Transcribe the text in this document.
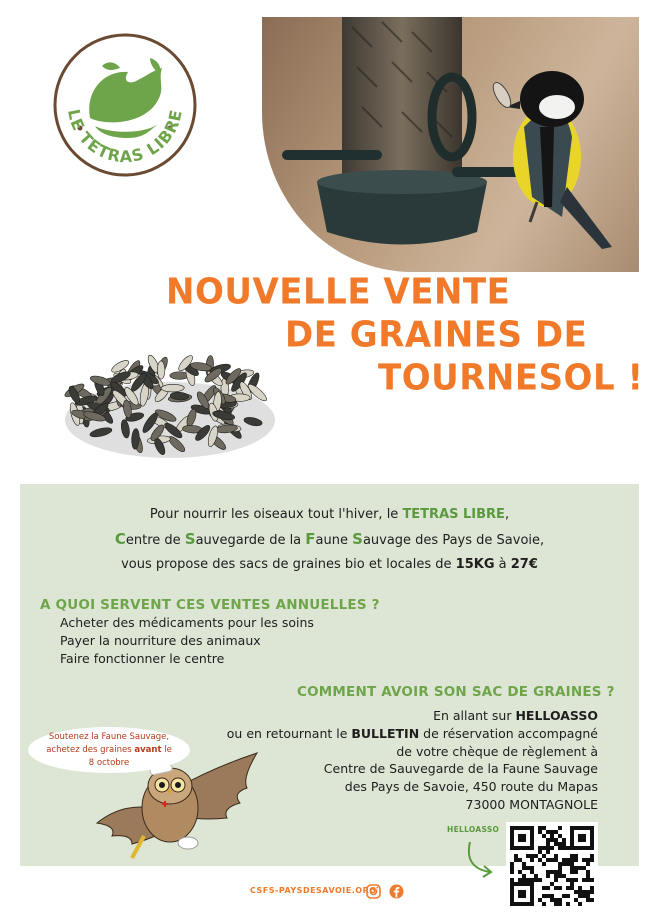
LE TETRAS LIBRE
NOUVELLE VENTE
DE GRAINES DE
TOURNESOL !
Pour nourrir les oiseaux tout l'hiver, le TETRAS LIBRE,
Centre de Sauvegarde de la Faune Sauvage des Pays de Savoie,
vous propose des sacs de graines bio et locales de 15KG à 27€
A QUOI SERVENT CES VENTES ANNUELLES ?
Acheter des médicaments pour les soins
Payer la nourriture des animaux
Faire fonctionner le centre
COMMENT AVOIR SON SAC DE GRAINES ?
En allant sur HELLOASSO
ou en retournant le BULLETIN de réservation accompagné
de votre chèque de règlement à
Centre de Sauvegarde de la Faune Sauvage
des Pays de Savoie, 450 route du Mapas
73000 MONTAGNOLE
Soutenez la Faune Sauvage,
achetez des graines avant le
8 octobre
HELLOASSO
CSFS-PAYSDESAVOIE.ORG
